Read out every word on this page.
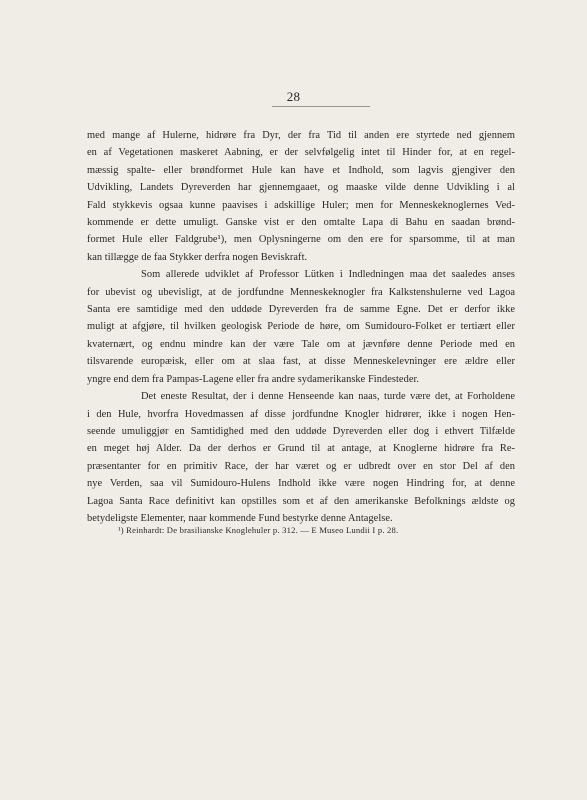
28
med mange af Hulerne, hidrøre fra Dyr, der fra Tid til anden ere styrtede ned gjennem
en af Vegetationen maskeret Aabning, er der selvfølgelig intet til Hinder for, at en regel-
mæssig spalte- eller brøndformet Hule kan have et Indhold, som lagvis gjengiver den
Udvikling, Landets Dyreverden har gjennemgaaet, og maaske vilde denne Udvikling i al
Fald stykkevis ogsaa kunne paavises i adskillige Huler; men for Menneskeknoglernes Ved-
kommende er dette umuligt. Ganske vist er den omtalte Lapa di Bahu en saadan brønd-
formet Hule eller Faldgrube¹), men Oplysningerne om den ere for sparsomme, til at man
kan tillægge de faa Stykker derfra nogen Beviskraft.
Som allerede udviklet af Professor Lütken i Indledningen maa det saaledes anses
for ubevist og ubevisligt, at de jordfundne Menneskeknogler fra Kalkstenshulerne ved Lagoa
Santa ere samtidige med den uddøde Dyreverden fra de samme Egne. Det er derfor ikke
muligt at afgjøre, til hvilken geologisk Periode de høre, om Sumidouro-Folket er tertiært eller
kvaternært, og endnu mindre kan der være Tale om at jævnføre denne Periode med en
tilsvarende europæisk, eller om at slaa fast, at disse Menneskelevninger ere ældre eller
yngre end dem fra Pampas-Lagene eller fra andre sydamerikanske Findesteder.
Det eneste Resultat, der i denne Henseende kan naas, turde være det, at Forholdene
i den Hule, hvorfra Hovedmassen af disse jordfundne Knogler hidrører, ikke i nogen Hen-
seende umuliggjør en Samtidighed med den uddøde Dyreverden eller dog i ethvert Tilfælde
en meget høj Alder. Da der derhos er Grund til at antage, at Knoglerne hidrøre fra Re-
præsentanter for en primitiv Race, der har været og er udbredt over en stor Del af den
nye Verden, saa vil Sumidouro-Hulens Indhold ikke være nogen Hindring for, at denne
Lagoa Santa Race definitivt kan opstilles som et af den amerikanske Befolknings ældste og
betydeligste Elementer, naar kommende Fund bestyrke denne Antagelse.
¹) Reinhardt: De brasilianske Knoglehuler p. 312. — E Museo Lundii I p. 28.
